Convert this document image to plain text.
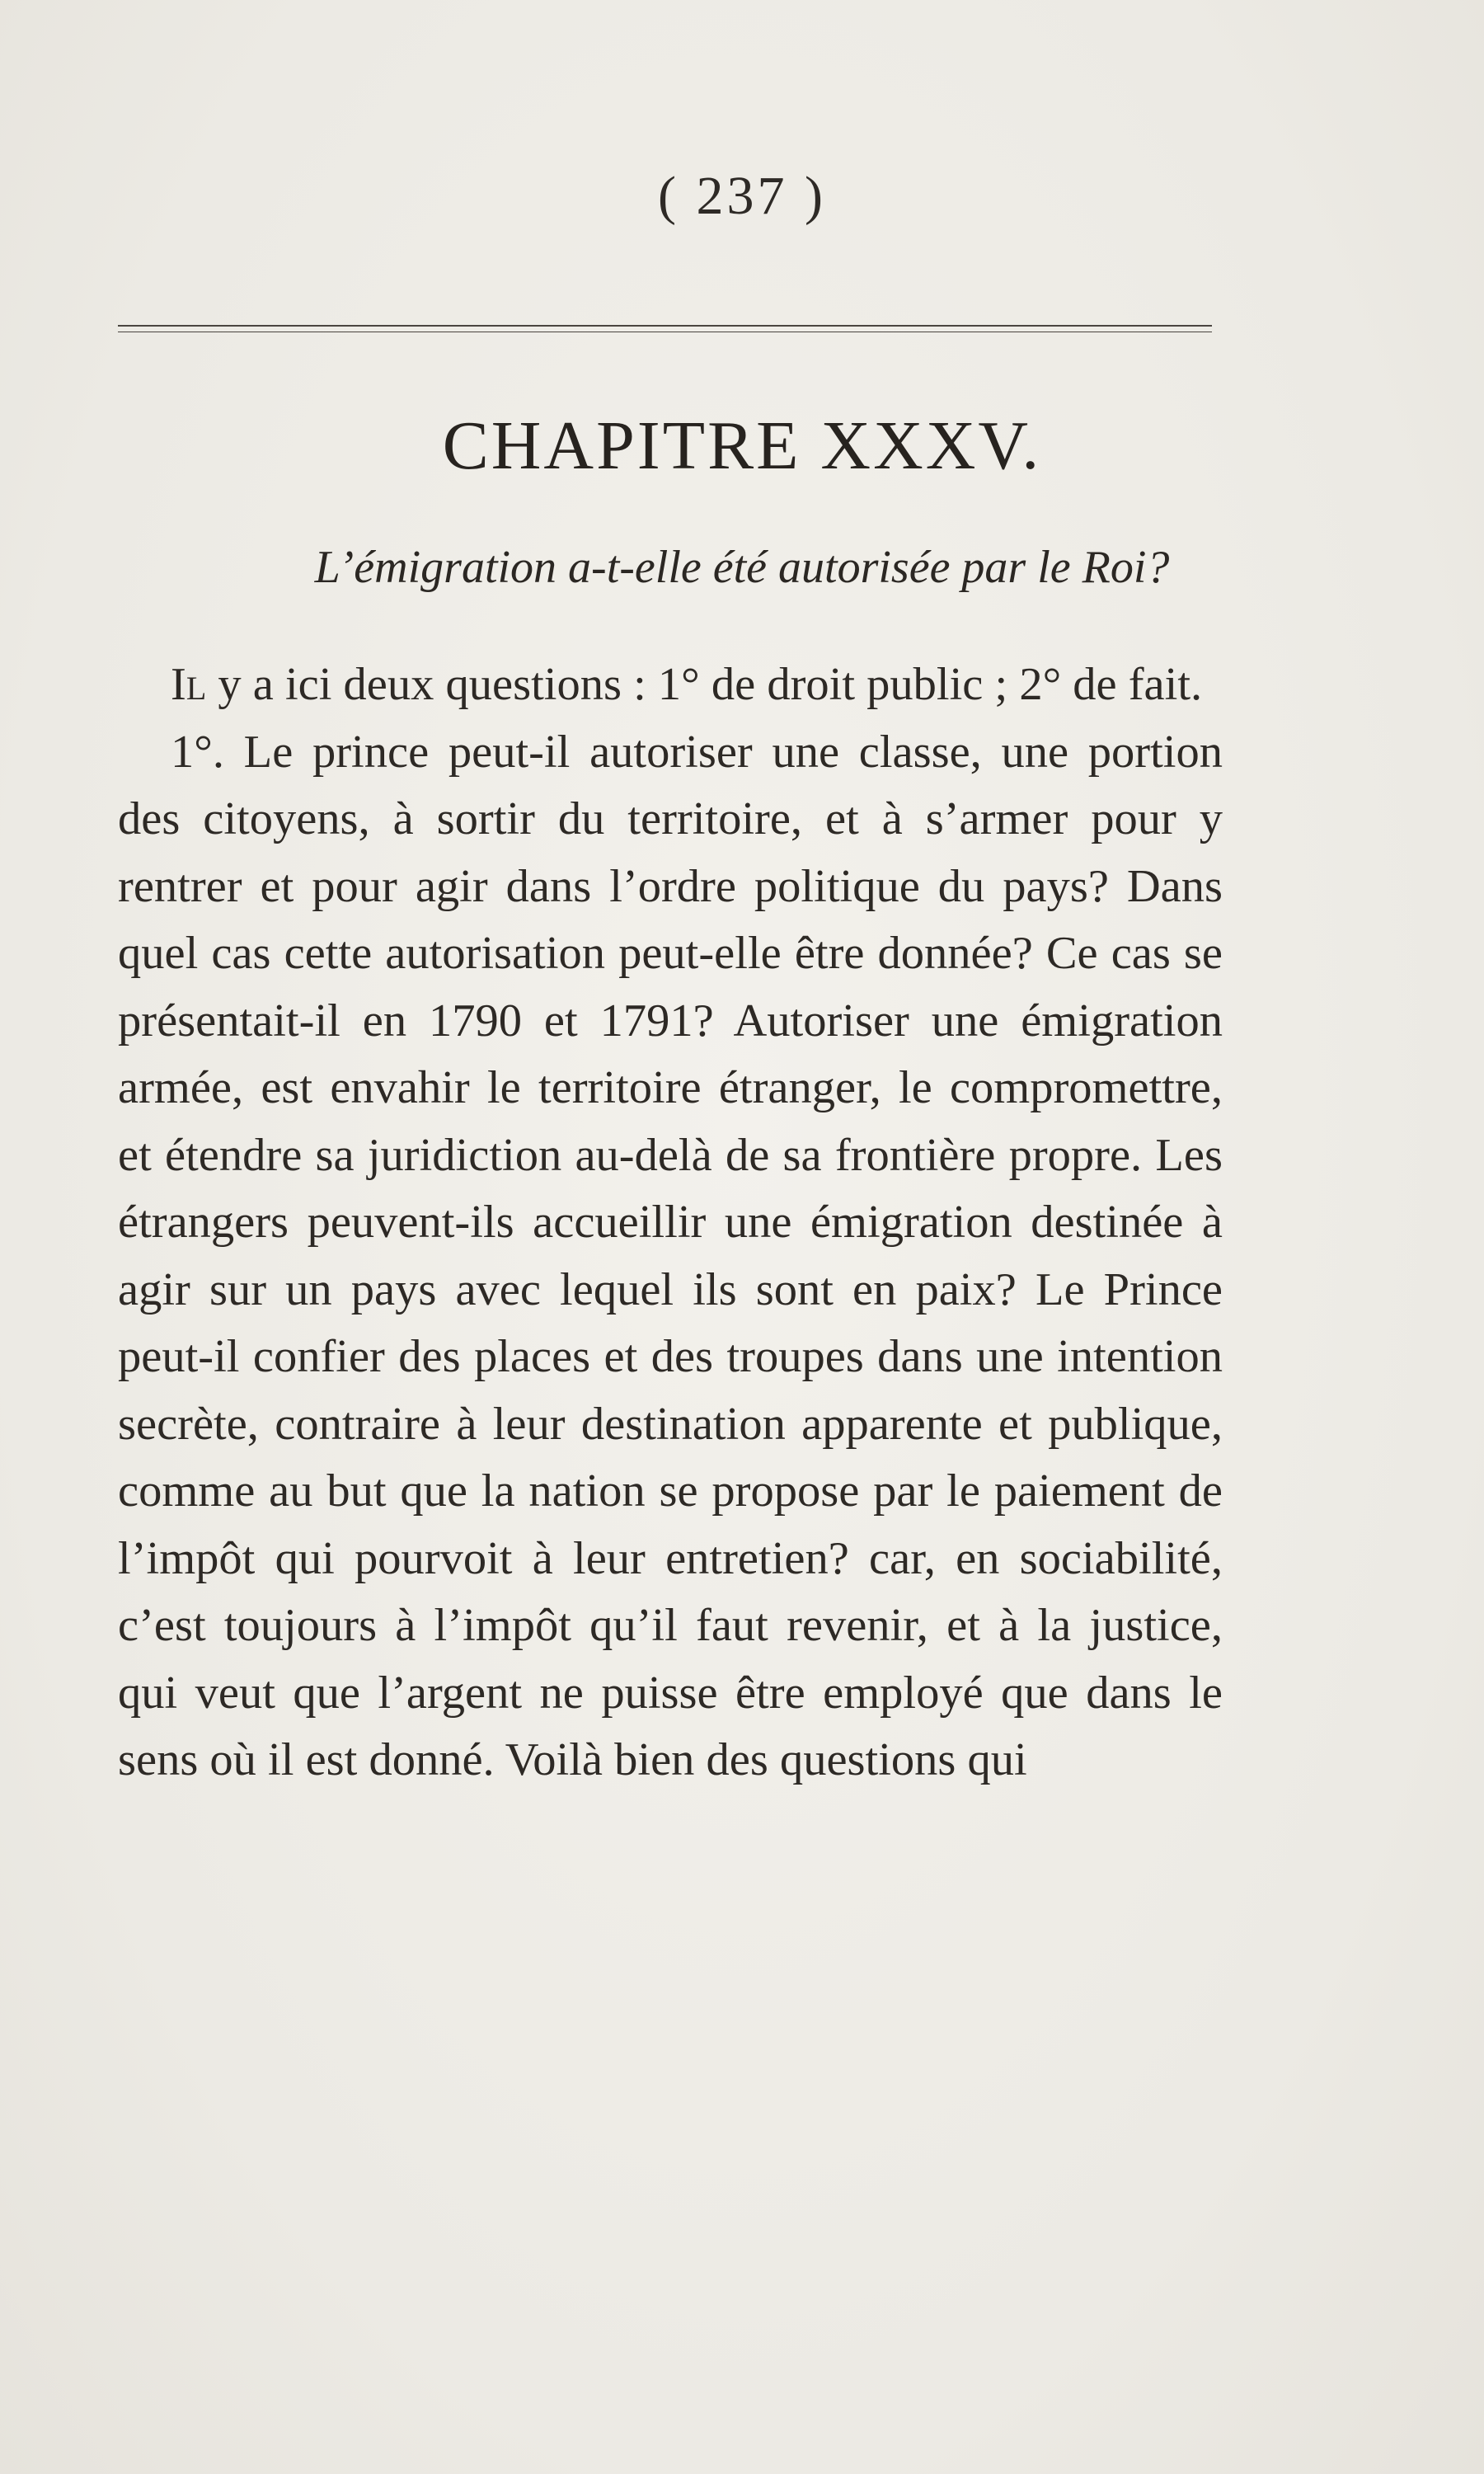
( 237 )
CHAPITRE XXXV.
L’émigration a-t-elle été autorisée par le Roi?

Il y a ici deux questions : 1° de droit public ; 2° de fait.

1°. Le prince peut-il autoriser une classe, une portion des citoyens, à sortir du territoire, et à s’armer pour y rentrer et pour agir dans l’ordre politique du pays? Dans quel cas cette autorisation peut-elle être donnée? Ce cas se présentait-il en 1790 et 1791? Autoriser une émigration armée, est envahir le territoire étranger, le compromettre, et étendre sa juridiction au-delà de sa frontière propre. Les étrangers peuvent-ils accueillir une émigration destinée à agir sur un pays avec lequel ils sont en paix? Le Prince peut-il confier des places et des troupes dans une intention secrète, contraire à leur destination apparente et publique, comme au but que la nation se propose par le paiement de l’impôt qui pourvoit à leur entretien? car, en sociabilité, c’est toujours à l’impôt qu’il faut revenir, et à la justice, qui veut que l’argent ne puisse être employé que dans le sens où il est donné. Voilà bien des questions qui
